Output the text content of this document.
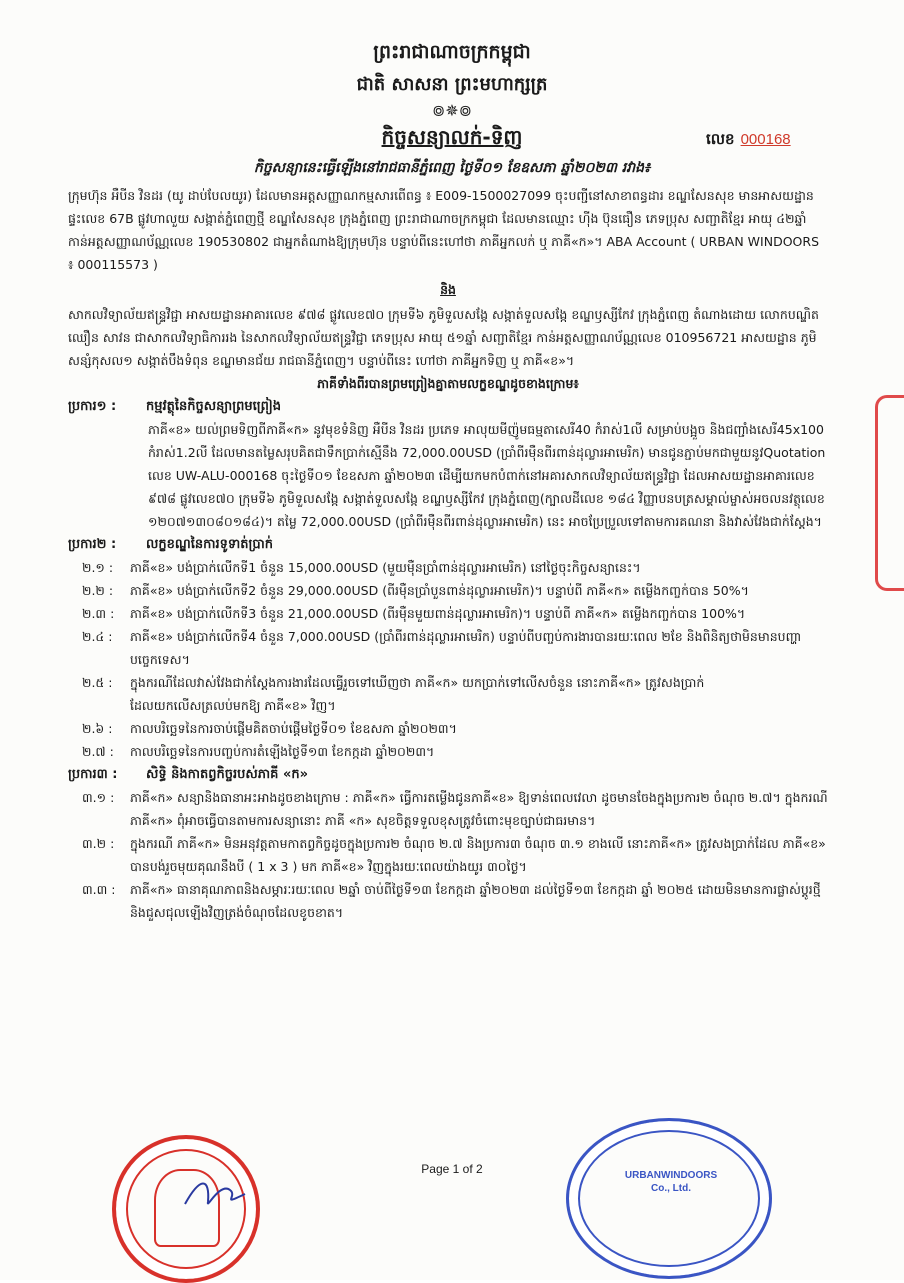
ព្រះរាជាណាចក្រកម្ពុជា
ជាតិ សាសនា ព្រះមហាក្សត្រ
៙✵៙
កិច្ចសន្យាលក់-ទិញ	លេខ 000168
កិច្ចសន្យានេះធ្វើឡើងនៅរាជធានីភ្នំពេញ ថ្ងៃទី០១ ខែឧសភា ឆ្នាំ២០២៣ រវាង៖

ក្រុមហ៊ុន អឺបីន វិនដរ (យូ ដាប់បែលយូរ) ដែលមានអត្តសញ្ញាណកម្មសារពើពន្ធ ៖ E009-1500027099 ចុះបញ្ជីនៅសាខាពន្ធដារ ខណ្ឌសែនសុខ មានអាសយដ្ឋានផ្ទះលេខ 67B ផ្លូវហាលួយ សង្កាត់ភ្នំពេញថ្មី ខណ្ឌសែនសុខ ក្រុងភ្នំពេញ ព្រះរាជាណាចក្រកម្ពុជា ដែលមានឈ្មោះ ហ៊ីង ប៊ុនធឿន ភេទប្រុស សញ្ជាតិខ្មែរ អាយុ ៤២ឆ្នាំ កាន់អត្តសញ្ញាណប័ណ្ណលេខ 190530802 ជាអ្នកតំណាងឱ្យក្រុមហ៊ុន បន្ទាប់ពីនេះហៅថា ភាគីអ្នកលក់ ឬ ភាគី«ក»។ ABA Account ( URBAN WINDOORS ៖ 000115573 )

និង

សាកលវិទ្យាល័យឥន្ទ្រវិជ្ជា អាសយដ្ឋានអាគារលេខ ៩៧៨ ផ្លូវលេខ៧០ ក្រុមទី៦ ភូមិទួលសង្កែ សង្កាត់ទួលសង្កែ ខណ្ឌឫស្សីកែវ ក្រុងភ្នំពេញ តំណាងដោយ លោកបណ្ឌិត ឈឿន សាវន ជាសាកលវិទ្យាធិការរង នៃសាកលវិទ្យាល័យឥន្ទ្រវិជ្ជា ភេទប្រុស អាយុ ៥១ឆ្នាំ សញ្ជាតិខ្មែរ កាន់អត្តសញ្ញាណប័ណ្ណលេខ 010956721 អាសយដ្ឋាន ភូមិសន្សំកុសល១ សង្កាត់បឹងទំពុន ខណ្ឌមានជ័យ រាជធានីភ្នំពេញ។ បន្ទាប់ពីនេះ ហៅថា ភាគីអ្នកទិញ ឬ ភាគី«ខ»។

ភាគីទាំងពីរបានព្រមព្រៀងគ្នាតាមលក្ខខណ្ឌដូចខាងក្រោម៖

ប្រការ១ : កម្មវត្ថុនៃកិច្ចសន្យាព្រមព្រៀង

ភាគី«ខ» យល់ព្រមទិញពីភាគី«ក» នូវមុខទំនិញ អឺបីន វិនដរ ប្រភេទ អាលុយមីញ៉ូមធម្មតាសេរី40 កំរាស់1លី សម្រាប់បង្អួច និងជញ្ជាំងសេរី45x100 កំរាស់1.2លី ដែលមានតម្លៃសរុបគិតជាទឹកប្រាក់ស្មើនឹង 72,000.00USD (ប្រាំពីរម៉ឺនពីរពាន់ដុល្លារអាមេរិក) មានជូនភ្ជាប់មកជាមួយនូវQuotation លេខ UW-ALU-000168 ចុះថ្ងៃទី០១ ខែឧសភា ឆ្នាំ២០២៣ ដើម្បីយកមកបំពាក់នៅអគារសាកលវិទ្យាល័យឥន្ទ្រវិជ្ជា ដែលអាសយដ្ឋានអាគារលេខ ៩៧៨ ផ្លូវលេខ៧០ ក្រុមទី៦ ភូមិទួលសង្កែ សង្កាត់ទួលសង្កែ ខណ្ឌឫស្សីកែវ ក្រុងភ្នំពេញ(ក្បាលដីលេខ ១៨៤ វិញ្ញាបនបត្រសម្គាល់ម្ចាស់អចលនវត្ថុលេខ ១២០៧១៣០៨០១៨៤)។ តម្លៃ 72,000.00USD (ប្រាំពីរម៉ឺនពីរពាន់ដុល្លារអាមេរិក) នេះ អាចប្រែប្រួលទៅតាមការគណនា និងវាស់វែងជាក់ស្តែង។

ប្រការ២ : លក្ខខណ្ឌនៃការទូទាត់ប្រាក់

២.១ :	ភាគី«ខ» បង់ប្រាក់លើកទី1 ចំនួន 15,000.00USD (មួយម៉ឺនប្រាំពាន់ដុល្លារអាមេរិក) នៅថ្ងៃចុះកិច្ចសន្យានេះ។
២.២ :	ភាគី«ខ» បង់ប្រាក់លើកទី2 ចំនួន 29,000.00USD (ពីរម៉ឺនប្រាំបួនពាន់ដុល្លារអាមេរិក)។ បន្ទាប់ពី ភាគី«ក» តម្លើងកញ្ចក់បាន 50%។
២.៣ :	ភាគី«ខ» បង់ប្រាក់លើកទី3 ចំនួន 21,000.00USD (ពីរម៉ឺនមួយពាន់ដុល្លារអាមេរិក)។ បន្ទាប់ពី ភាគី«ក» តម្លើងកញ្ចក់បាន 100%។
២.៤ :	ភាគី«ខ» បង់ប្រាក់លើកទី4 ចំនួន 7,000.00USD (ប្រាំពីរពាន់ដុល្លារអាមេរិក) បន្ទាប់ពីបញ្ចប់ការងារបានរយៈពេល ២ខែ និងពិនិត្យថាមិនមានបញ្ហាបច្ចេកទេស។
២.៥ :	ក្នុងករណីដែលវាស់វែងជាក់ស្តែងការងារដែលធ្វើរួចទៅឃើញថា ភាគី«ក» យកប្រាក់ទៅលើសចំនួន នោះភាគី«ក» ត្រូវសងប្រាក់ដែលយកលើសត្រលប់មកឱ្យ ភាគី«ខ» វិញ។
២.៦ :	កាលបរិច្ឆេទនៃការចាប់ផ្តើមគិតចាប់ផ្តើមថ្ងៃទី០១ ខែឧសភា ឆ្នាំ២០២៣។
២.៧ :	កាលបរិច្ឆេទនៃការបញ្ចប់ការតំឡើងថ្ងៃទី១៣ ខែកក្កដា ឆ្នាំ២០២៣។

ប្រការ៣ : សិទ្ធិ និងកាតព្វកិច្ចរបស់ភាគី «ក»

៣.១ :	ភាគី«ក» សន្យានិងធានាអះអាងដូចខាងក្រោម : ភាគី«ក» ធ្វើការតម្លើងជូនភាគី«ខ» ឱ្យទាន់ពេលវេលា ដូចមានចែងក្នុងប្រការ២ ចំណុច ២.៧។ ក្នុងករណី ភាគី«ក» ពុំអាចធ្វើបានតាមការសន្យានោះ ភាគី «ក» សុខចិត្តទទួលខុសត្រូវចំពោះមុខច្បាប់ជាធរមាន។
៣.២ :	ក្នុងករណី ភាគី«ក» មិនអនុវត្តតាមកាតព្វកិច្ចដូចក្នុងប្រការ២ ចំណុច ២.៧ និងប្រការ៣ ចំណុច ៣.១ ខាងលើ នោះភាគី«ក» ត្រូវសងប្រាក់ដែល ភាគី«ខ» បានបង់រួចមុយគុណនឹងបី ( 1 x 3 ) មក ភាគី«ខ» វិញក្នុងរយៈពេលយ៉ាងយូរ ៣០ថ្ងៃ។
៣.៣ :	ភាគី«ក» ធានាគុណភាពនិងសម្ភារៈរយៈពេល ២ឆ្នាំ ចាប់ពីថ្ងៃទី១៣ ខែកក្កដា ឆ្នាំ២០២៣ ដល់ថ្ងៃទី១៣ ខែកក្កដា ឆ្នាំ ២០២៥ ដោយមិនមានការផ្លាស់ប្តូរថ្មី និងជួសជុលឡើងវិញត្រង់ចំណុចដែលខូចខាត។
Page 1 of 2	URBANWINDOORS Co., Ltd.
